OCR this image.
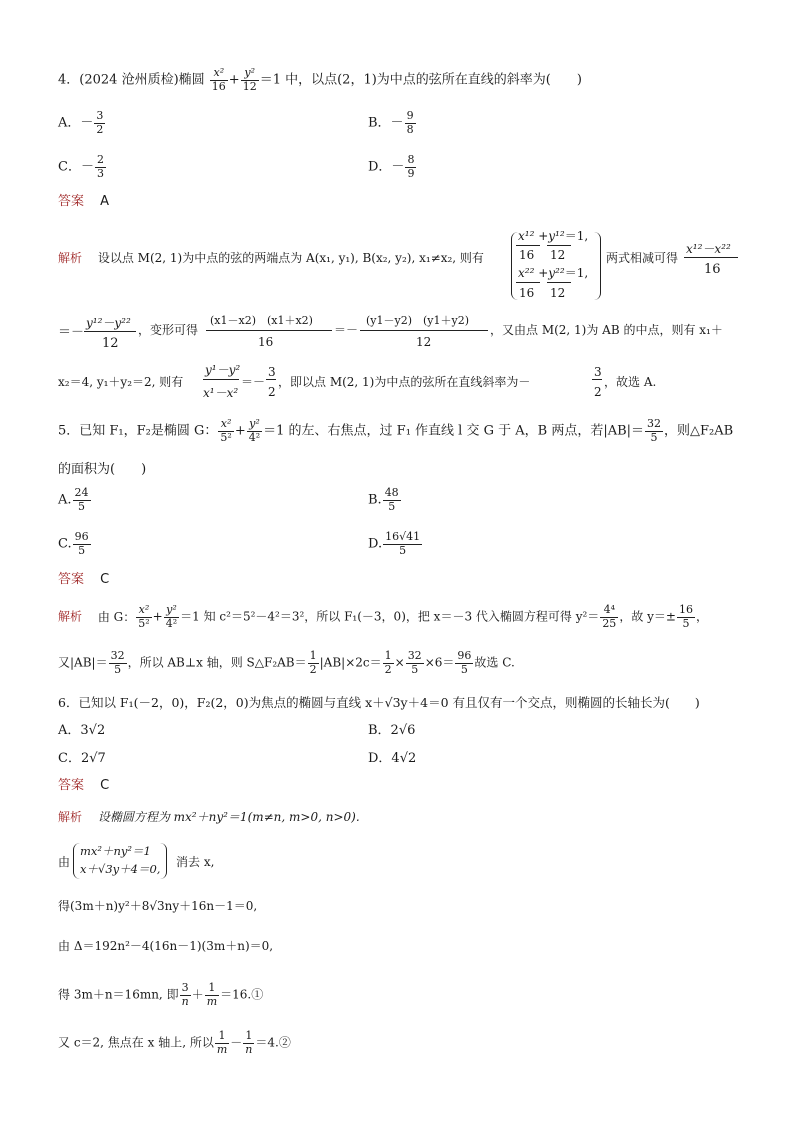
4．(2024 沧州质检)椭圆 $\frac{\text{x²}}{16} + \frac{\text{y²}}{12} =1$ 中，以点(2，1)为中点的弦所在直线的斜率为(　　)
A．－ $\frac{3}{2}$	B．－ $\frac{9}{8}$
C．－ $\frac{2}{3}$	D．－ $\frac{8}{9}$
答案 A
解析 设以点 M(2, 1)为中点的弦的两端点为 A(x₁, y₁), B(x₂, y₂), x₁≠x₂, 则有
x¹² +y¹²＝1,
16 12
x²² +y²²＝1,
16 12
两式相减可得
x¹²－x²²
16
＝－
y¹²－y²²
12
，变形可得
(x1－x2)　(x1＋x2)
16
＝－
(y1－y2)　(y1＋y2)
12
，又由点 M(2, 1)为 AB 的中点，则有 x₁＋
x₂＝4, y₁＋y₂＝2, 则有
y¹－y²
x¹－x²
＝－
3
2
，即以点 M(2, 1)为中点的弦所在直线斜率为－
3
2
，故选 A.
5．已知 F₁，F₂是椭圆 G： $\frac{\text{x²}}{\text{5²}} + \frac{\text{y²}}{\text{4²}} =1$ 的左、右焦点，过 F₁ 作直线 l 交 G 于 A，B 两点，若$|AB|= \frac{32}{5}$ ，则△F₂AB
的面积为(　　)
A. $\frac{24}{5}$	B. $\frac{48}{5}$
C. $\frac{96}{5}$	D. $\frac{16√41}{5}$
答案 C
解析 由 G： $\frac{\text{x²}}{\text{5²}} + \frac{\text{y²}}{\text{4²}} =1$ 知 c²＝5²－4²＝3²，所以 F₁(－3，0)，把 x＝－3 代入椭圆方程可得 $y^2= \frac{\text{4⁴}}{25}$ ，故 $y=\pm \frac{16}{5}$ ，
又$|AB|= \frac{32}{5}$ ，所以 AB⊥x 轴，则 S△F₂AB＝ $\frac{1}{2} |AB|\times 2c= \frac{1}{2} \times \frac{32}{5} \times 6= \frac{96}{5}$ 故选 C.
6．已知以 F₁(－2，0)，F₂(2，0)为焦点的椭圆与直线 x＋√3y＋4＝0 有且仅有一个交点，则椭圆的长轴长为(　　)
A．3√2	B．2√6
C．2√7	D．4√2
答案 C
解析 设椭圆方程为 mx²＋ny²＝1(m≠n, m>0, n>0).
由
mx²＋ny²＝1
x＋√3y＋4＝0, 消去 x,
得(3m＋n)y²＋8√3ny＋16n－1＝0,
由 Δ＝192n²－4(16n－1)(3m＋n)＝0,
得 3m＋n＝16mn, 即 $\frac{3}{n} + \frac{1}{m}$ ＝16.①
又 c＝2, 焦点在 x 轴上, 所以 $\frac{1}{m} - \frac{1}{n}$ ＝4.②
